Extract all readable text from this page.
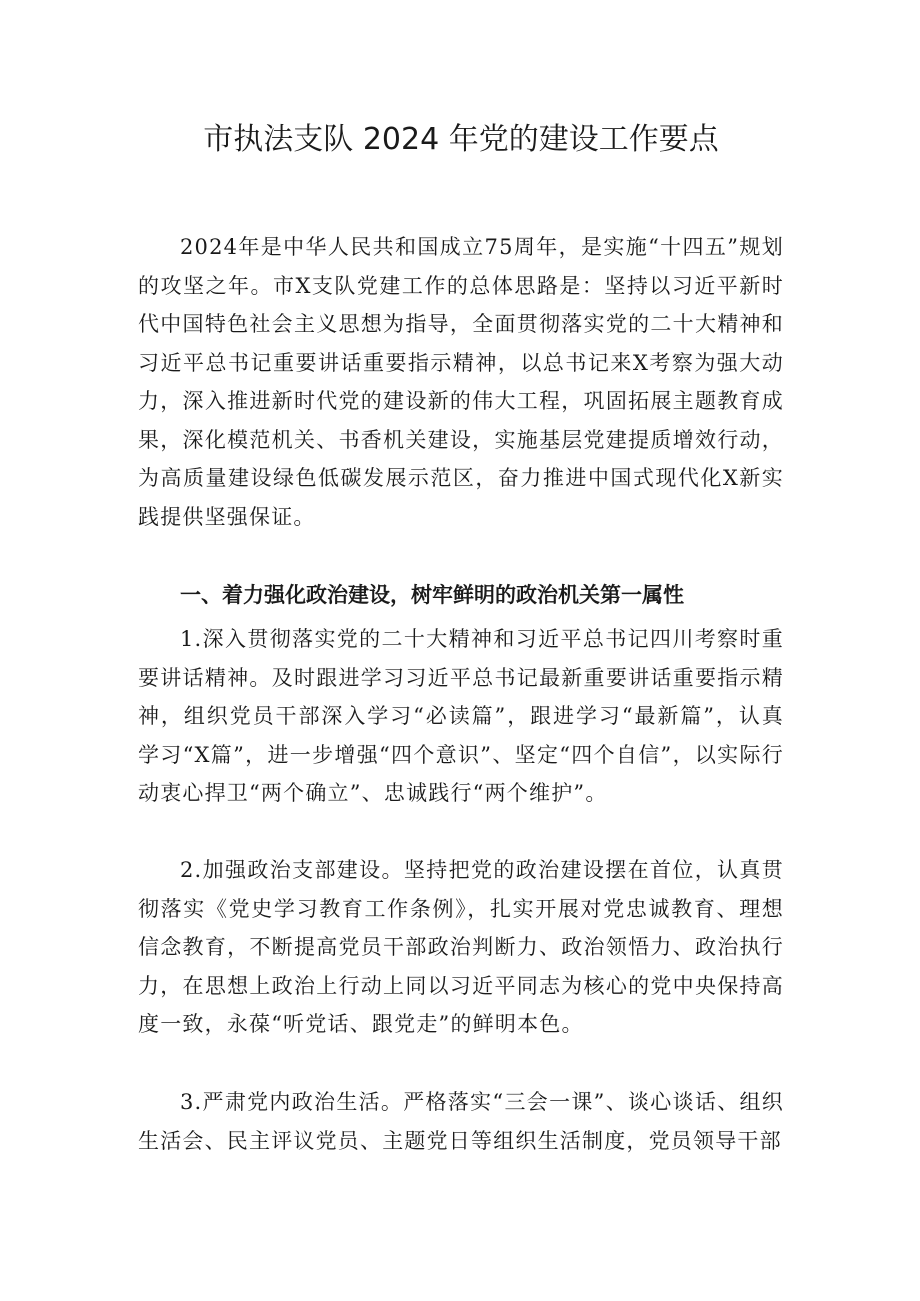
市执法支队 2024 年党的建设工作要点

2024年是中华人民共和国成立75周年，是实施“十四五”规划的攻坚之年。市X支队党建工作的总体思路是：坚持以习近平新时代中国特色社会主义思想为指导，全面贯彻落实党的二十大精神和习近平总书记重要讲话重要指示精神，以总书记来X考察为强大动力，深入推进新时代党的建设新的伟大工程，巩固拓展主题教育成果，深化模范机关、书香机关建设，实施基层党建提质增效行动，为高质量建设绿色低碳发展示范区，奋力推进中国式现代化X新实践提供坚强保证。

一、着力强化政治建设，树牢鲜明的政治机关第一属性

1.深入贯彻落实党的二十大精神和习近平总书记四川考察时重要讲话精神。及时跟进学习习近平总书记最新重要讲话重要指示精神，组织党员干部深入学习“必读篇”，跟进学习“最新篇”，认真学习“X篇”，进一步增强“四个意识”、坚定“四个自信”，以实际行动衷心捍卫“两个确立”、忠诚践行“两个维护”。

2.加强政治支部建设。坚持把党的政治建设摆在首位，认真贯彻落实《党史学习教育工作条例》，扎实开展对党忠诚教育、理想信念教育，不断提高党员干部政治判断力、政治领悟力、政治执行力，在思想上政治上行动上同以习近平同志为核心的党中央保持高度一致，永葆“听党话、跟党走”的鲜明本色。

3.严肃党内政治生活。严格落实“三会一课”、谈心谈话、组织生活会、民主评议党员、主题党日等组织生活制度，党员领导干部
